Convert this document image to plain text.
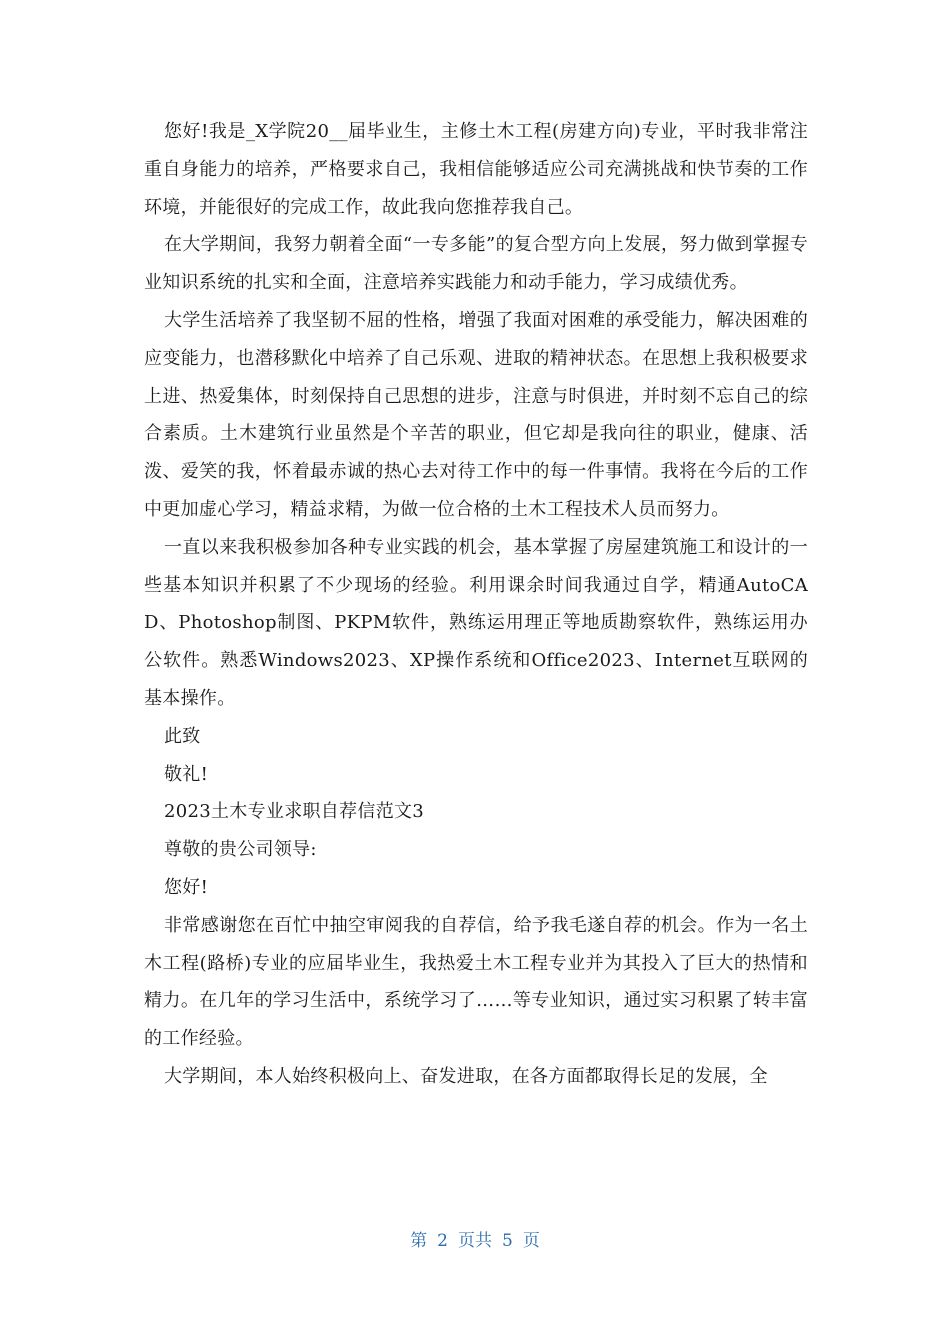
您好!我是_X学院20__届毕业生，主修土木工程(房建方向)专业，平时我非常注重自身能力的培养，严格要求自己，我相信能够适应公司充满挑战和快节奏的工作环境，并能很好的完成工作，故此我向您推荐我自己。

在大学期间，我努力朝着全面“一专多能”的复合型方向上发展，努力做到掌握专业知识系统的扎实和全面，注意培养实践能力和动手能力，学习成绩优秀。

大学生活培养了我坚韧不屈的性格，增强了我面对困难的承受能力，解决困难的应变能力，也潜移默化中培养了自己乐观、进取的精神状态。在思想上我积极要求上进、热爱集体，时刻保持自己思想的进步，注意与时俱进，并时刻不忘自己的综合素质。土木建筑行业虽然是个辛苦的职业，但它却是我向往的职业，健康、活泼、爱笑的我，怀着最赤诚的热心去对待工作中的每一件事情。我将在今后的工作中更加虚心学习，精益求精，为做一位合格的土木工程技术人员而努力。

一直以来我积极参加各种专业实践的机会，基本掌握了房屋建筑施工和设计的一些基本知识并积累了不少现场的经验。利用课余时间我通过自学，精通AutoCAD、Photoshop制图、PKPM软件，熟练运用理正等地质勘察软件，熟练运用办公软件。熟悉Windows2023、XP操作系统和Office2023、Internet互联网的基本操作。

此致

敬礼!

2023土木专业求职自荐信范文3

尊敬的贵公司领导:

您好!

非常感谢您在百忙中抽空审阅我的自荐信，给予我毛遂自荐的机会。作为一名土木工程(路桥)专业的应届毕业生，我热爱土木工程专业并为其投入了巨大的热情和精力。在几年的学习生活中，系统学习了……等专业知识，通过实习积累了转丰富的工作经验。

大学期间，本人始终积极向上、奋发进取，在各方面都取得长足的发展，全

第 2 页共 5 页
